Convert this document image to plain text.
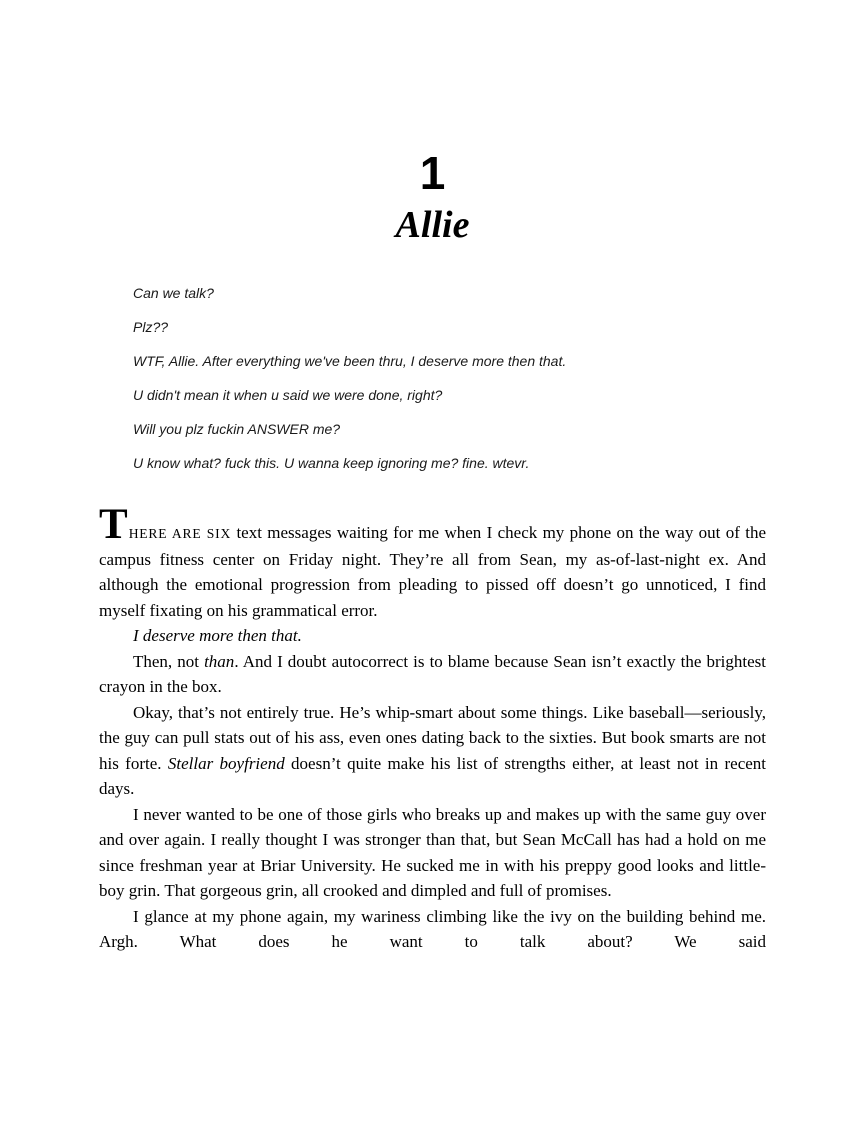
1
Allie

Can we talk?

Plz??

WTF, Allie. After everything we've been thru, I deserve more then that.

U didn't mean it when u said we were done, right?

Will you plz fuckin ANSWER me?

U know what? fuck this. U wanna keep ignoring me? fine. wtevr.

THERE ARE SIX text messages waiting for me when I check my phone on the way out of the campus fitness center on Friday night. They’re all from Sean, my as-of-last-night ex. And although the emotional progression from pleading to pissed off doesn’t go unnoticed, I find myself fixating on his grammatical error.

I deserve more then that.

Then, not than. And I doubt autocorrect is to blame because Sean isn’t exactly the brightest crayon in the box.

Okay, that’s not entirely true. He’s whip-smart about some things. Like baseball—seriously, the guy can pull stats out of his ass, even ones dating back to the sixties. But book smarts are not his forte. Stellar boyfriend doesn’t quite make his list of strengths either, at least not in recent days.

I never wanted to be one of those girls who breaks up and makes up with the same guy over and over again. I really thought I was stronger than that, but Sean McCall has had a hold on me since freshman year at Briar University. He sucked me in with his preppy good looks and little-boy grin. That gorgeous grin, all crooked and dimpled and full of promises.

I glance at my phone again, my wariness climbing like the ivy on the building behind me. Argh. What does he want to talk about? We said
